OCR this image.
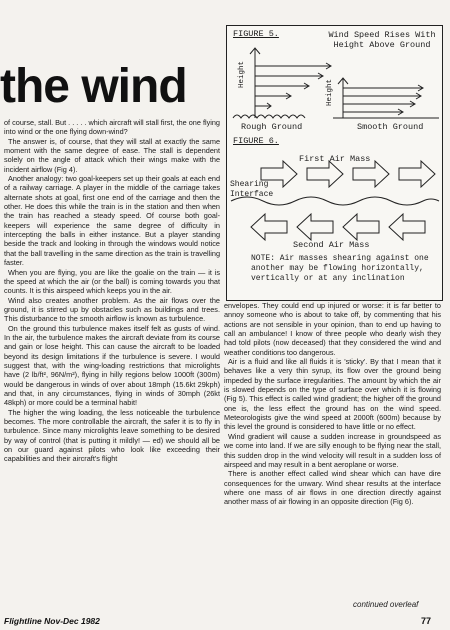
the wind

of course, stall. But . . . . . which aircraft will stall first, the one flying into wind or the one flying down-wind?

The answer is, of course, that they will stall at exactly the same moment with the same degree of ease. The stall is dependent solely on the angle of attack which their wings make with the incident airflow (Fig 4).

Another analogy: two goal-keepers set up their goals at each end of a railway carriage. A player in the middle of the carriage takes alternate shots at goal, first one end of the carriage and then the other. He does this while the train is in the station and then when the train has reached a steady speed. Of course both goal-keepers will experience the same degree of difficulty in intercepting the balls in either instance. But a player standing beside the track and looking in through the windows would notice that the ball travelling in the same direction as the train is travelling faster.

When you are flying, you are like the goalie on the train — it is the speed at which the air (or the ball) is coming towards you that counts. It is this airspeed which keeps you in the air.

Wind also creates another problem. As the air flows over the ground, it is stirred up by obstacles such as buildings and trees. This disturbance to the smooth airflow is known as turbulence.

On the ground this turbulence makes itself felt as gusts of wind. In the air, the turbulence makes the aircraft deviate from its course and gain or lose height. This can cause the aircraft to be loaded beyond its design limitations if the turbulence is severe. I would suggest that, with the wing-loading restrictions that microlights have (2 lb/ft², 96N/m²), flying in hilly regions below 1000ft (300m) would be dangerous in winds of over about 18mph (15.6kt 29kph) and that, in any circumstances, flying in winds of 30mph (26kt 48kph) or more could be a terminal habit!

The higher the wing loading, the less noticeable the turbulence becomes. The more controllable the aircraft, the safer it is to fly in turbulence. Since many microlights leave something to be desired by way of control (that is putting it mildly! — ed) we should all be on our guard against pilots who look like exceeding their capabilities and their aircraft's flight

FIGURE 5.	Wind Speed Rises With Height Above Ground
Height
Height
Rough Ground	Smooth Ground
FIGURE 6.
First Air Mass
Shearing Interface
Second Air Mass
NOTE: Air masses shearing against one another may be flowing horizontally, vertically or at any inclination

envelopes. They could end up injured or worse: it is far better to annoy someone who is about to take off, by commenting that his actions are not sensible in your opinion, than to end up having to call an ambulance! I know of three people who dearly wish they had told pilots (now deceased) that they considered the wind and weather conditions too dangerous.

Air is a fluid and like all fluids it is 'sticky'. By that I mean that it behaves like a very thin syrup, its flow over the ground being impeded by the surface irregularities. The amount by which the air is slowed depends on the type of surface over which it is flowing (Fig 5). This effect is called wind gradient; the higher off the ground one is, the less effect the ground has on the wind speed. Meteorologists give the wind speed at 2000ft (600m) because by this level the ground is considered to have little or no effect.

Wind gradient will cause a sudden increase in groundspeed as we come into land. If we are silly enough to be flying near the stall, this sudden drop in the wind velocity will result in a sudden loss of airspeed and may result in a bent aeroplane or worse.

There is another effect called wind shear which can have dire consequences for the unwary. Wind shear results at the interface where one mass of air flows in one direction directly against another mass of air flowing in an opposite direction (Fig 6).

continued overleaf
Flightline Nov-Dec 1982	77
